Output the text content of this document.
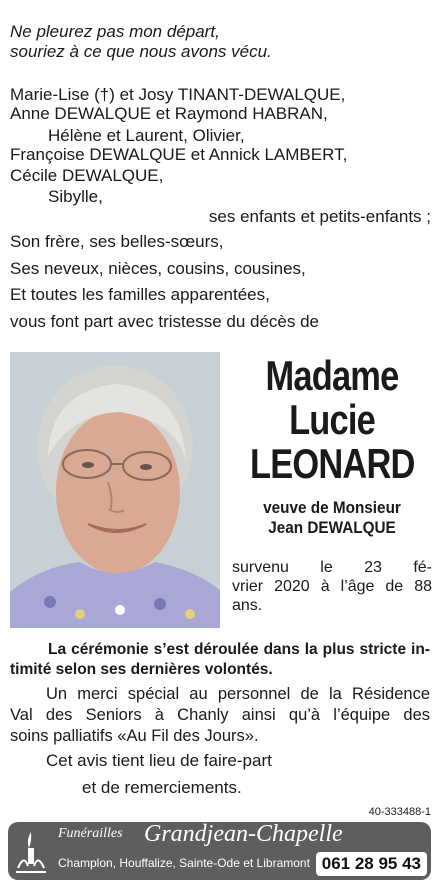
Ne pleurez pas mon départ,
souriez à ce que nous avons vécu.
Marie-Lise (†) et Josy TINANT-DEWALQUE,
Anne DEWALQUE et Raymond HABRAN,
Hélène et Laurent, Olivier,
Françoise DEWALQUE et Annick LAMBERT,
Cécile DEWALQUE,
Sibylle,
ses enfants et petits-enfants ;
Son frère, ses belles-sœurs,
Ses neveux, nièces, cousins, cousines,
Et toutes les familles apparentées,
vous font part avec tristesse du décès de
Madame
Lucie
LEONARD
veuve de Monsieur
Jean DEWALQUE
survenu le 23 fé-
vrier 2020 à l’âge de 88
ans.
La cérémonie s’est déroulée dans la plus stricte in-
timité selon ses dernières volontés.
Un merci spécial au personnel de la Résidence
Val des Seniors à Chanly ainsi qu’à l’équipe des
soins palliatifs «Au Fil des Jours».
Cet avis tient lieu de faire-part
et de remerciements.
40-333488-1
Funérailles Grandjean-Chapelle
Champlon, Houffalize, Sainte-Ode et Libramont 061 28 95 43
